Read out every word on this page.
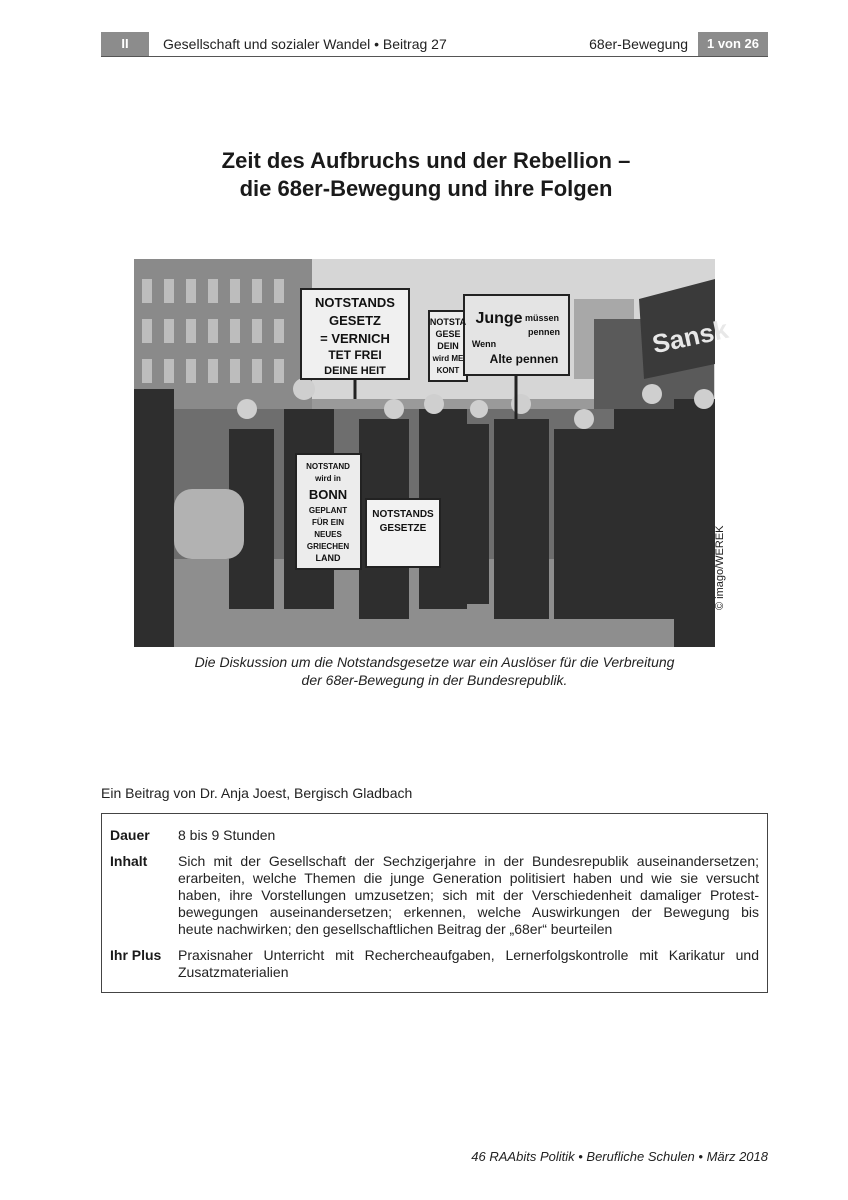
II	Gesellschaft und sozialer Wandel • Beitrag 27	68er-Bewegung	1 von 26
Zeit des Aufbruchs und der Rebellion –
die 68er-Bewegung und ihre Folgen
NOTSTANDS
GESETZ
= VERNICH
TET FREI
DEINE HEIT
NOTSTA
GESE
DEIN
wird ME
KONT
Junge müssen
pennen
Wenn
Alte pennen
NOTSTAND
wird in
BONN
GEPLANT
FÜR EIN
NEUES
GRIECHEN
LAND
NOTSTANDS
GESETZE
Sansk
© imago/WEREK
Die Diskussion um die Notstandsgesetze war ein Auslöser für die Verbreitung
der 68er-Bewegung in der Bundesrepublik.
Ein Beitrag von Dr. Anja Joest, Bergisch Gladbach
Dauer 8 bis 9 Stunden
Inhalt Sich mit der Gesellschaft der Sechzigerjahre in der Bundesrepublik auseinandersetzen;
erarbeiten, welche Themen die junge Generation politisiert haben und wie sie versucht
haben, ihre Vorstellungen umzusetzen; sich mit der Verschiedenheit damaliger Protest-
bewegungen auseinandersetzen; erkennen, welche Auswirkungen der Bewegung bis
heute nachwirken; den gesellschaftlichen Beitrag der „68er“ beurteilen
Ihr Plus Praxisnaher Unterricht mit Rechercheaufgaben, Lernerfolgskontrolle mit Karikatur und
Zusatzmaterialien
46 RAAbits Politik • Berufliche Schulen • März 2018
